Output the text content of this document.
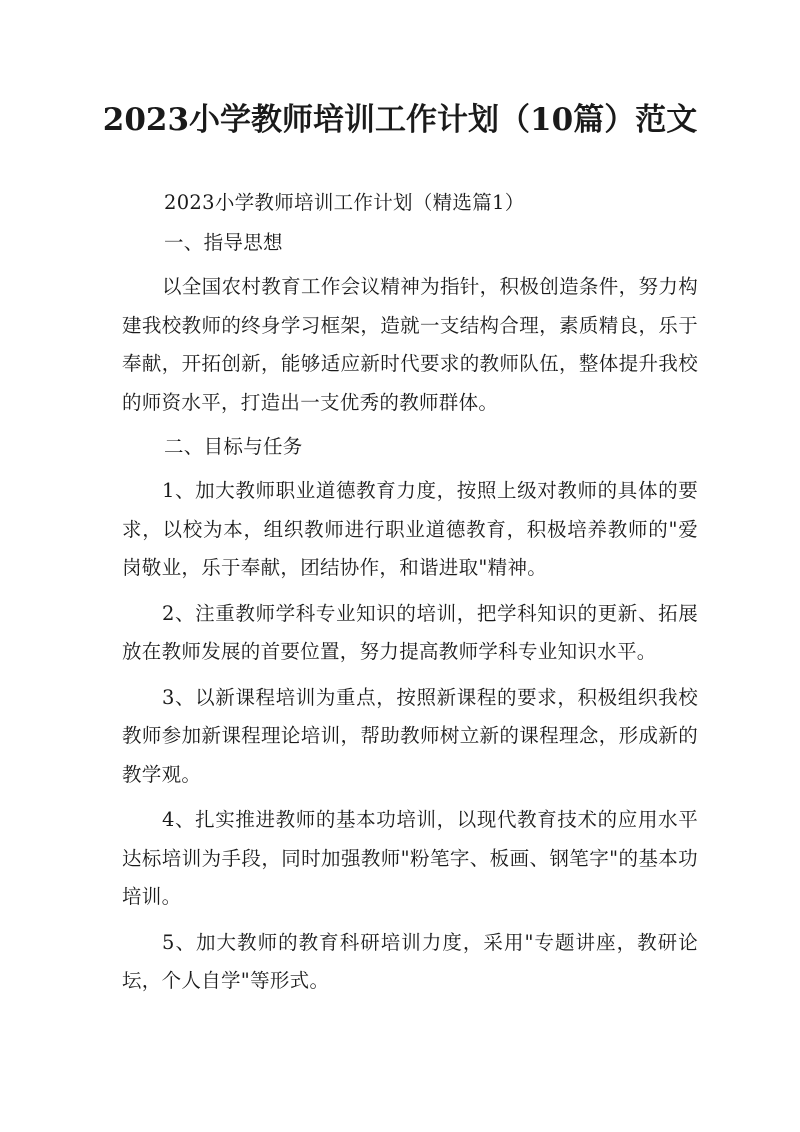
2023小学教师培训工作计划（10篇）范文

2023小学教师培训工作计划（精选篇1）

一、指导思想

以全国农村教育工作会议精神为指针，积极创造条件，努力构建我校教师的终身学习框架，造就一支结构合理，素质精良，乐于奉献，开拓创新，能够适应新时代要求的教师队伍，整体提升我校的师资水平，打造出一支优秀的教师群体。

二、目标与任务

1、加大教师职业道德教育力度，按照上级对教师的具体的要求，以校为本，组织教师进行职业道德教育，积极培养教师的"爱岗敬业，乐于奉献，团结协作，和谐进取"精神。

2、注重教师学科专业知识的培训，把学科知识的更新、拓展放在教师发展的首要位置，努力提高教师学科专业知识水平。

3、以新课程培训为重点，按照新课程的要求，积极组织我校教师参加新课程理论培训，帮助教师树立新的课程理念，形成新的教学观。

4、扎实推进教师的基本功培训，以现代教育技术的应用水平达标培训为手段，同时加强教师"粉笔字、板画、钢笔字"的基本功培训。

5、加大教师的教育科研培训力度，采用"专题讲座，教研论坛，个人自学"等形式。
